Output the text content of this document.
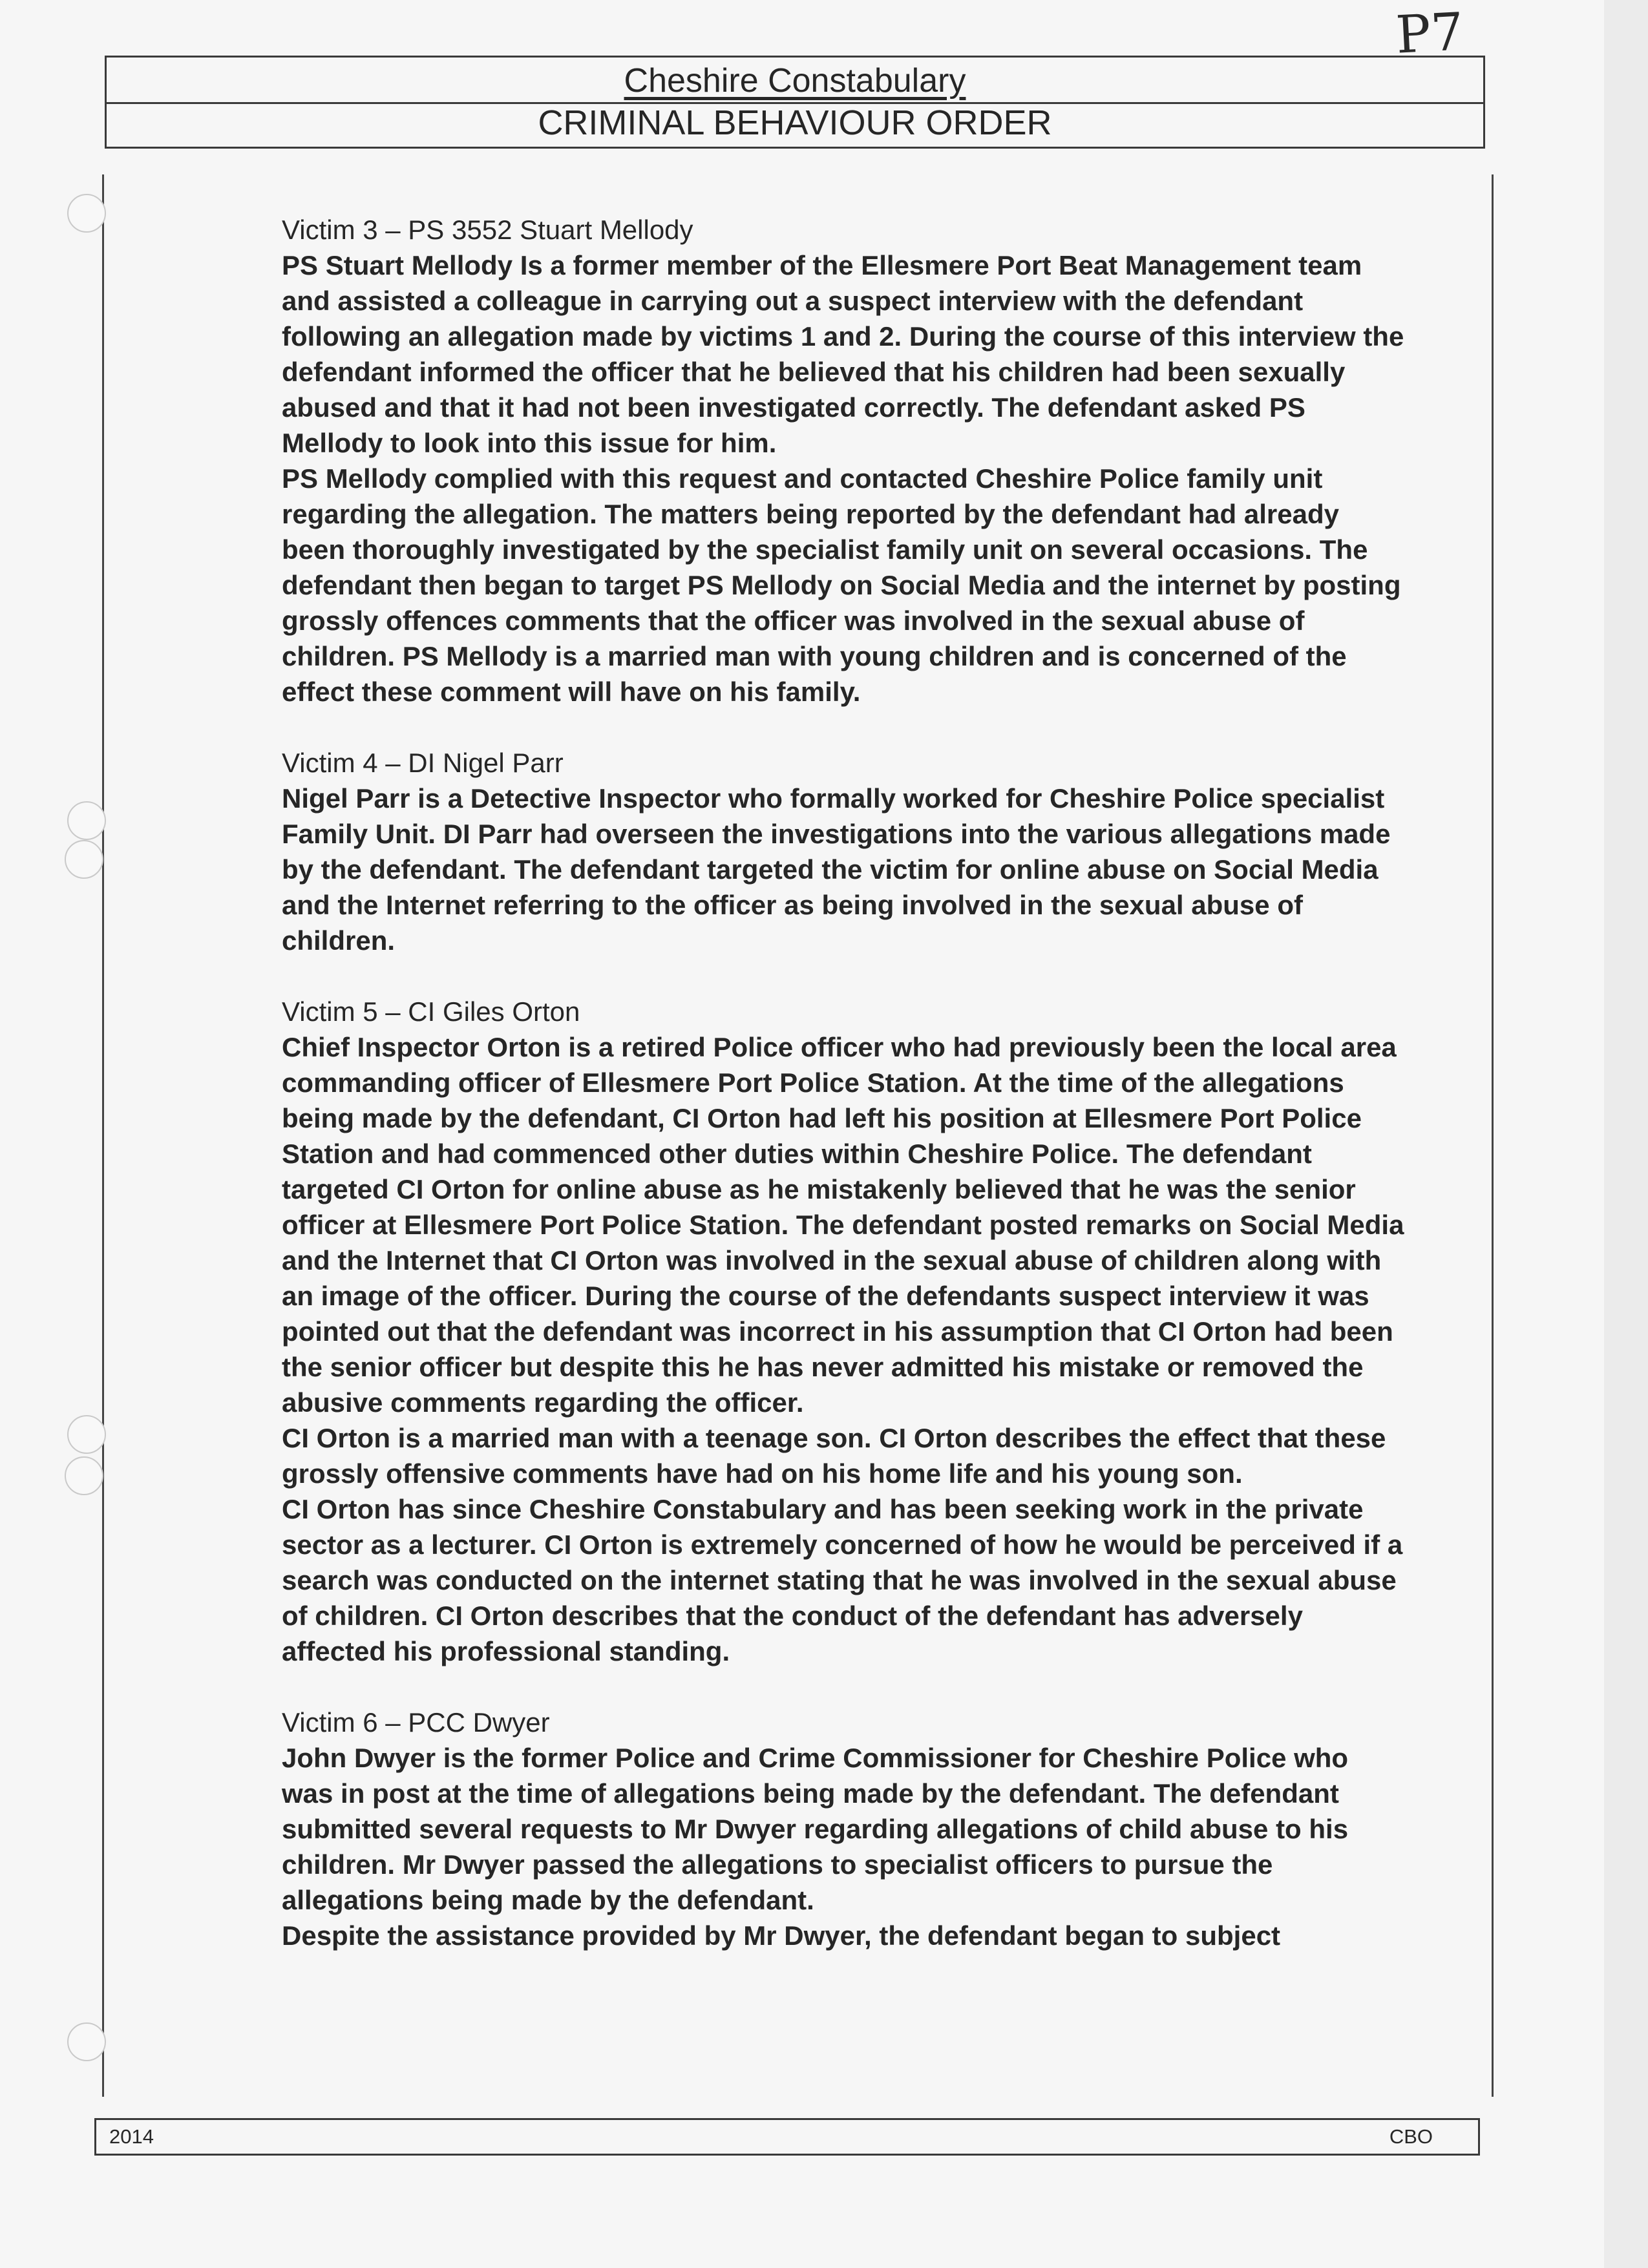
P7
Cheshire Constabulary
CRIMINAL BEHAVIOUR ORDER

Victim 3 – PS 3552 Stuart Mellody

PS Stuart Mellody Is a former member of the Ellesmere Port Beat Management team and assisted a colleague in carrying out a suspect interview with the defendant following an allegation made by victims 1 and 2. During the course of this interview the defendant informed the officer that he believed that his children had been sexually abused and that it had not been investigated correctly. The defendant asked PS Mellody to look into this issue for him.

PS Mellody complied with this request and contacted Cheshire Police family unit regarding the allegation. The matters being reported by the defendant had already been thoroughly investigated by the specialist family unit on several occasions. The defendant then began to target PS Mellody on Social Media and the internet by posting grossly offences comments that the officer was involved in the sexual abuse of children. PS Mellody is a married man with young children and is concerned of the effect these comment will have on his family.

Victim 4 – DI Nigel Parr

Nigel Parr is a Detective Inspector who formally worked for Cheshire Police specialist Family Unit. DI Parr had overseen the investigations into the various allegations made by the defendant. The defendant targeted the victim for online abuse on Social Media and the Internet referring to the officer as being involved in the sexual abuse of children.

Victim 5 – CI Giles Orton

Chief Inspector Orton is a retired Police officer who had previously been the local area commanding officer of Ellesmere Port Police Station. At the time of the allegations being made by the defendant, CI Orton had left his position at Ellesmere Port Police Station and had commenced other duties within Cheshire Police. The defendant targeted CI Orton for online abuse as he mistakenly believed that he was the senior officer at Ellesmere Port Police Station. The defendant posted remarks on Social Media and the Internet that CI Orton was involved in the sexual abuse of children along with an image of the officer. During the course of the defendants suspect interview it was pointed out that the defendant was incorrect in his assumption that CI Orton had been the senior officer but despite this he has never admitted his mistake or removed the abusive comments regarding the officer.

CI Orton is a married man with a teenage son. CI Orton describes the effect that these grossly offensive comments have had on his home life and his young son.

CI Orton has since Cheshire Constabulary and has been seeking work in the private sector as a lecturer. CI Orton is extremely concerned of how he would be perceived if a search was conducted on the internet stating that he was involved in the sexual abuse of children. CI Orton describes that the conduct of the defendant has adversely affected his professional standing.

Victim 6 – PCC Dwyer

John Dwyer is the former Police and Crime Commissioner for Cheshire Police who was in post at the time of allegations being made by the defendant. The defendant submitted several requests to Mr Dwyer regarding allegations of child abuse to his children. Mr Dwyer passed the allegations to specialist officers to pursue the allegations being made by the defendant.

Despite the assistance provided by Mr Dwyer, the defendant began to subject

2014	CBO
